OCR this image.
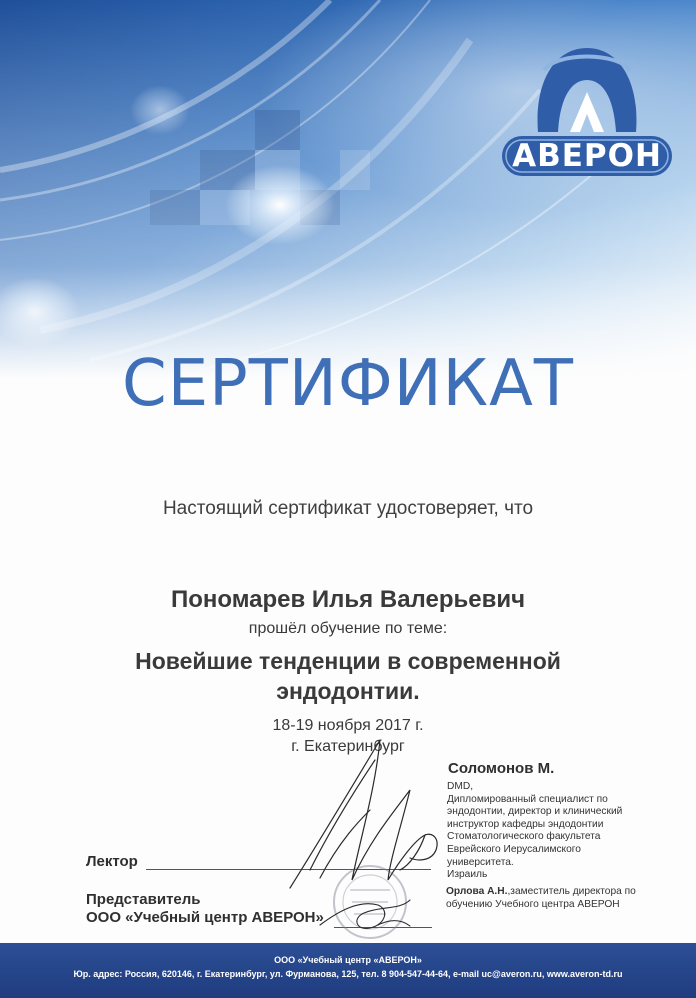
АВЕРОН
СЕРТИФИКАТ
Настоящий сертификат удостоверяет, что
Пономарев Илья Валерьевич
прошёл обучение по теме:
Новейшие тенденции в современной
эндодонтии.
18-19 ноября 2017 г.
г. Екатеринбург
Соломонов М.
DMD,
Дипломированный специалист по
эндодонтии, директор и клинический
инструктор кафедры эндодонтии
Стоматологического факультета
Еврейского Иерусалимского
университета.
Израиль
Лектор
Представитель
ООО «Учебный центр АВЕРОН»
Орлова А.Н.,заместитель директора по обучению Учебного центра АВЕРОН
ООО «Учебный центр «АВЕРОН»
Юр. адрес: Россия, 620146, г. Екатеринбург, ул. Фурманова, 125, тел. 8 904-547-44-64, e-mail uc@averon.ru, www.averon-td.ru
